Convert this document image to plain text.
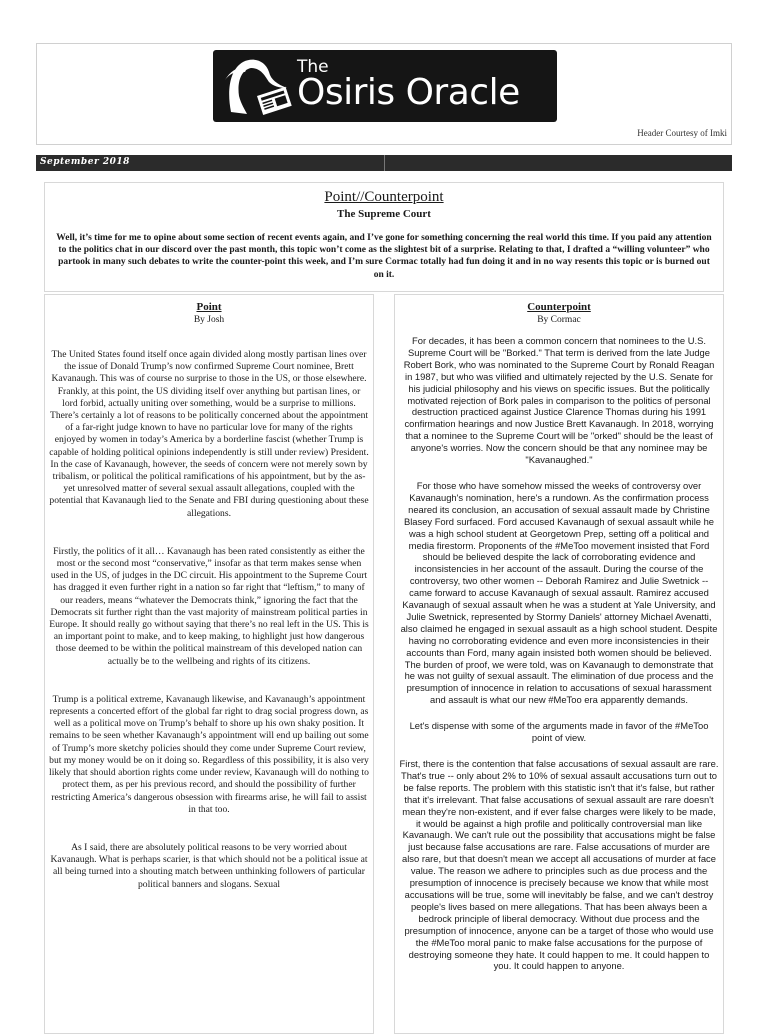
The
Osiris Oracle
Header Courtesy of Imki
September 2018
Point//Counterpoint
The Supreme Court
Well, it’s time for me to opine about some section of recent events again, and I’ve gone for something concerning the real world this time. If you paid any attention to the politics chat in our discord over the past month, this topic won’t come as the slightest bit of a surprise. Relating to that, I drafted a “willing volunteer” who partook in many such debates to write the counter-point this week, and I’m sure Cormac totally had fun doing it and in no way resents this topic or is burned out on it.
Point
By Josh

The United States found itself once again divided along mostly partisan lines over the issue of Donald Trump’s now confirmed Supreme Court nominee, Brett Kavanaugh. This was of course no surprise to those in the US, or those elsewhere. Frankly, at this point, the US dividing itself over anything but partisan lines, or lord forbid, actually uniting over something, would be a surprise to millions. There’s certainly a lot of reasons to be politically concerned about the appointment of a far-right judge known to have no particular love for many of the rights enjoyed by women in today’s America by a borderline fascist (whether Trump is capable of holding political opinions independently is still under review) President. In the case of Kavanaugh, however, the seeds of concern were not merely sown by tribalism, or political the political ramifications of his appointment, but by the as-yet unresolved matter of several sexual assault allegations, coupled with the potential that Kavanaugh lied to the Senate and FBI during questioning about these allegations.

Firstly, the politics of it all… Kavanaugh has been rated consistently as either the most or the second most “conservative,” insofar as that term makes sense when used in the US, of judges in the DC circuit. His appointment to the Supreme Court has dragged it even further right in a nation so far right that “leftism,” to many of our readers, means “whatever the Democrats think,” ignoring the fact that the Democrats sit further right than the vast majority of mainstream political parties in Europe. It should really go without saying that there’s no real left in the US. This is an important point to make, and to keep making, to highlight just how dangerous those deemed to be within the political mainstream of this developed nation can actually be to the wellbeing and rights of its citizens.

Trump is a political extreme, Kavanaugh likewise, and Kavanaugh’s appointment represents a concerted effort of the global far right to drag social progress down, as well as a political move on Trump’s behalf to shore up his own shaky position. It remains to be seen whether Kavanaugh’s appointment will end up bailing out some of Trump’s more sketchy policies should they come under Supreme Court review, but my money would be on it doing so. Regardless of this possibility, it is also very likely that should abortion rights come under review, Kavanaugh will do nothing to protect them, as per his previous record, and should the possibility of further restricting America’s dangerous obsession with firearms arise, he will fail to assist in that too.

As I said, there are absolutely political reasons to be very worried about Kavanaugh. What is perhaps scarier, is that which should not be a political issue at all being turned into a shouting match between unthinking followers of particular political banners and slogans. Sexual

Counterpoint
By Cormac

For decades, it has been a common concern that nominees to the U.S. Supreme Court will be "Borked." That term is derived from the late Judge Robert Bork, who was nominated to the Supreme Court by Ronald Reagan in 1987, but who was vilified and ultimately rejected by the U.S. Senate for his judicial philosophy and his views on specific issues. But the politically motivated rejection of Bork pales in comparison to the politics of personal destruction practiced against Justice Clarence Thomas during his 1991 confirmation hearings and now Justice Brett Kavanaugh. In 2018, worrying that a nominee to the Supreme Court will be "orked" should be the least of anyone's worries. Now the concern should be that any nominee may be "Kavanaughed."

For those who have somehow missed the weeks of controversy over Kavanaugh's nomination, here's a rundown. As the confirmation process neared its conclusion, an accusation of sexual assault made by Christine Blasey Ford surfaced. Ford accused Kavanaugh of sexual assault while he was a high school student at Georgetown Prep, setting off a political and media firestorm. Proponents of the #MeToo movement insisted that Ford should be believed despite the lack of corroborating evidence and inconsistencies in her account of the assault. During the course of the controversy, two other women -- Deborah Ramirez and Julie Swetnick -- came forward to accuse Kavanaugh of sexual assault. Ramirez accused Kavanaugh of sexual assault when he was a student at Yale University, and Julie Swetnick, represented by Stormy Daniels' attorney Michael Avenatti, also claimed he engaged in sexual assault as a high school student. Despite having no corroborating evidence and even more inconsistencies in their accounts than Ford, many again insisted both women should be believed. The burden of proof, we were told, was on Kavanaugh to demonstrate that he was not guilty of sexual assault. The elimination of due process and the presumption of innocence in relation to accusations of sexual harassment and assault is what our new #MeToo era apparently demands.

Let's dispense with some of the arguments made in favor of the #MeToo point of view.

First, there is the contention that false accusations of sexual assault are rare. That's true -- only about 2% to 10% of sexual assault accusations turn out to be false reports. The problem with this statistic isn't that it's false, but rather that it's irrelevant. That false accusations of sexual assault are rare doesn't mean they're non-existent, and if ever false charges were likely to be made, it would be against a high profile and politically controversial man like Kavanaugh. We can't rule out the possibility that accusations might be false just because false accusations are rare. False accusations of murder are also rare, but that doesn't mean we accept all accusations of murder at face value. The reason we adhere to principles such as due process and the presumption of innocence is precisely because we know that while most accusations will be true, some will inevitably be false, and we can't destroy people's lives based on mere allegations. That has been always been a bedrock principle of liberal democracy. Without due process and the presumption of innocence, anyone can be a target of those who would use the #MeToo moral panic to make false accusations for the purpose of destroying someone they hate. It could happen to me. It could happen to you. It could happen to anyone.
